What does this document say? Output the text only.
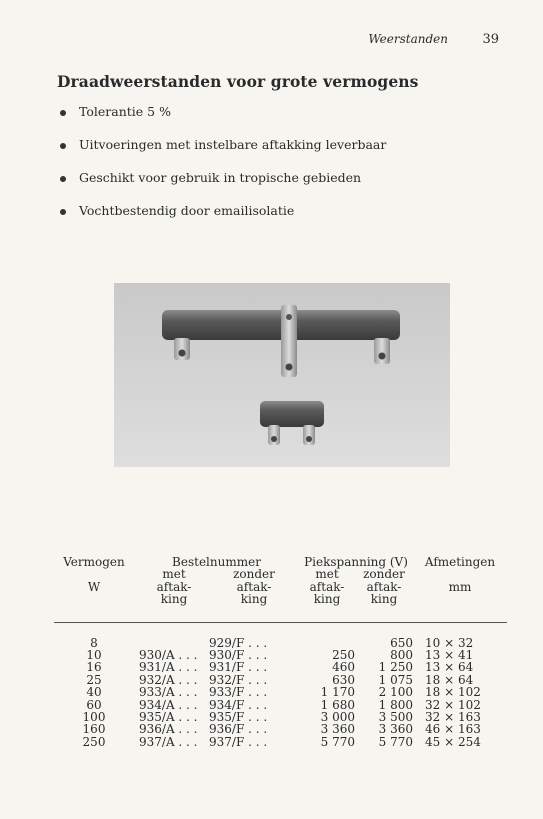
Weerstanden	39
Draadweerstanden voor grote vermogens
Tolerantie 5 %
Uitvoeringen met instelbare aftakking leverbaar
Geschikt voor gebruik in tropische gebieden
Vochtbestendig door emailisolatie
Vermogen	Bestelnummer		Piekspanning (V)		Afmetingen
	met	zonder	met	zonder	
W	aftak-	aftak-	aftak-	aftak-	mm
	king	king	king	king	

8		929/F . . .		650	10 × 32
10	930/A . . .	930/F . . .	250	800	13 × 41
16	931/A . . .	931/F . . .	460	1 250	13 × 64
25	932/A . . .	932/F . . .	630	1 075	18 × 64
40	933/A . . .	933/F . . .	1 170	2 100	18 × 102
60	934/A . . .	934/F . . .	1 680	1 800	32 × 102
100	935/A . . .	935/F . . .	3 000	3 500	32 × 163
160	936/A . . .	936/F . . .	3 360	3 360	46 × 163
250	937/A . . .	937/F . . .	5 770	5 770	45 × 254
